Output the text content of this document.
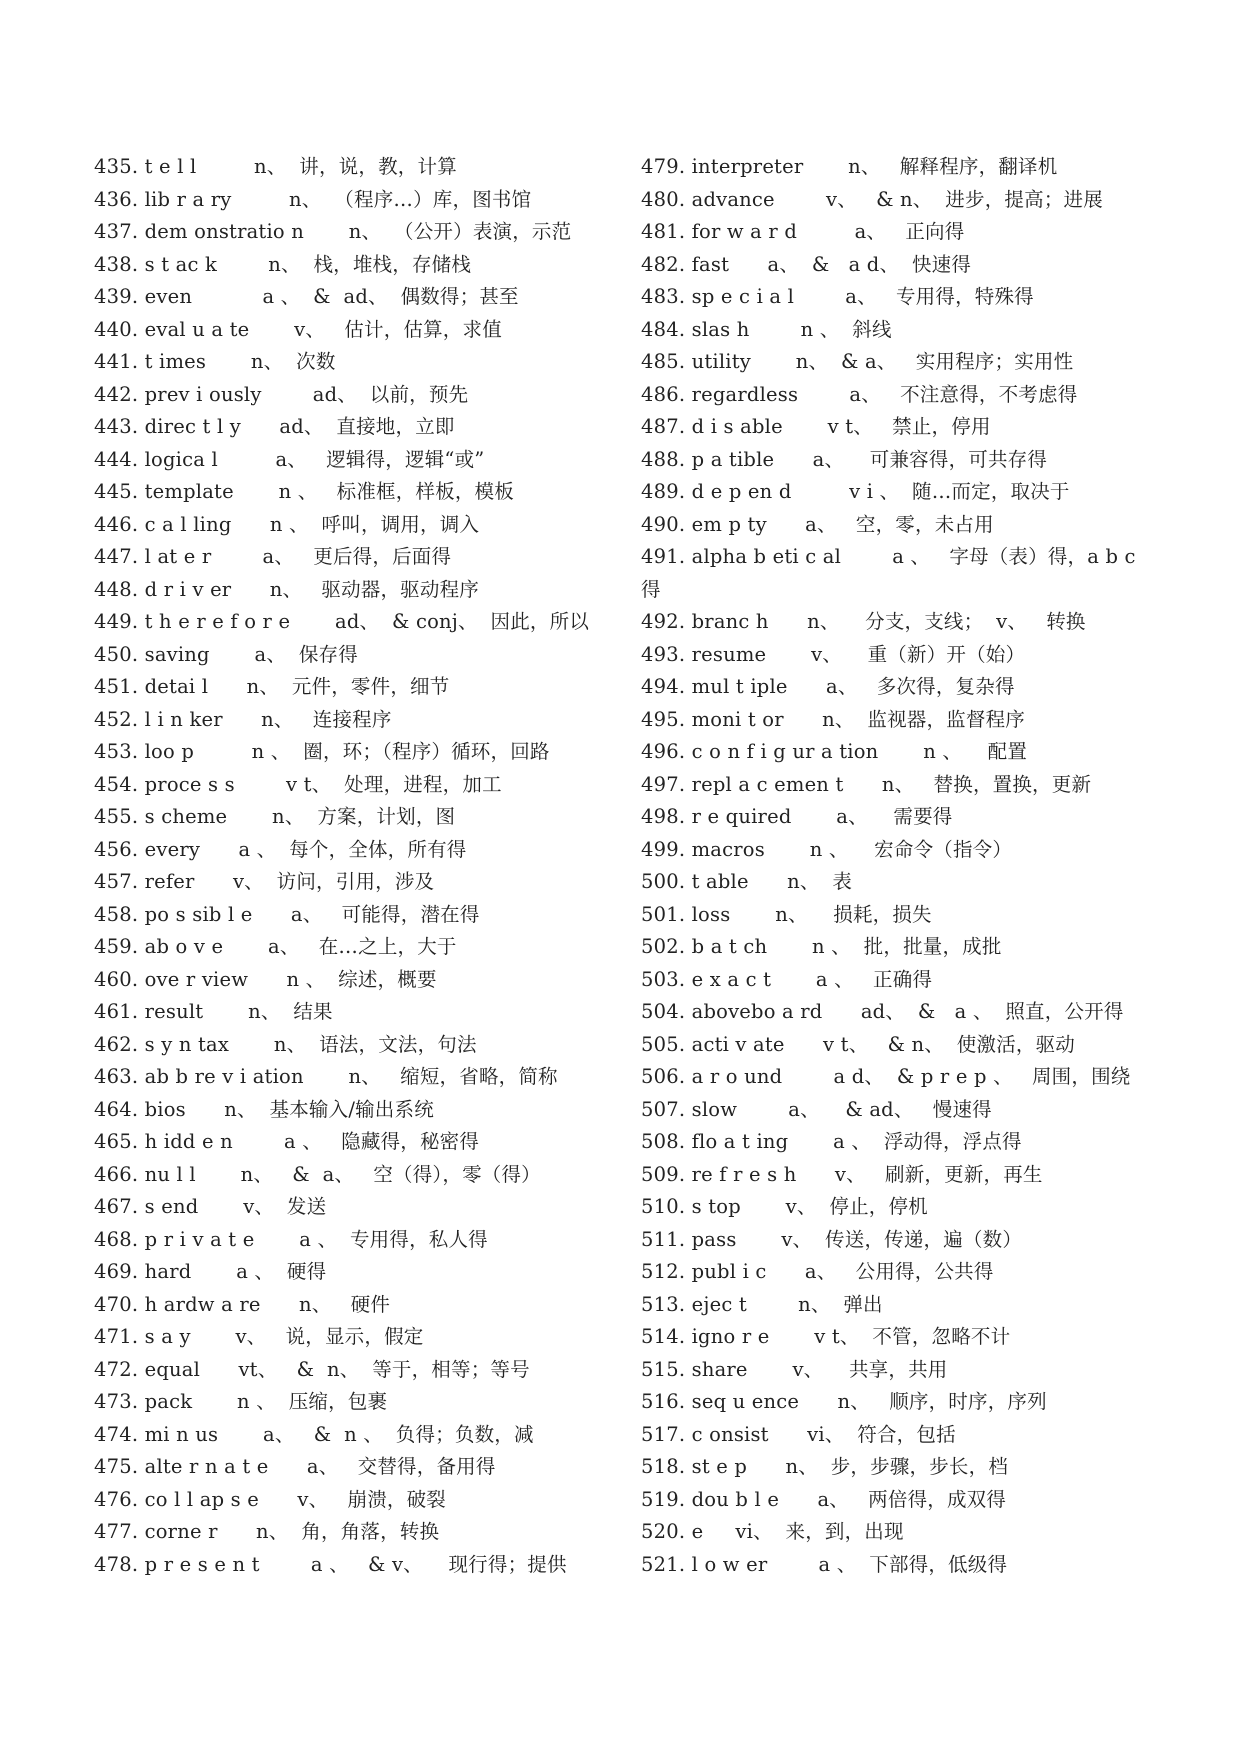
435. t e l l         n、  讲，说，教，计算
436. lib r a ry         n、  （程序…）库，图书馆
437. dem onstratio n       n、  （公开）表演，示范
438. s t ac k        n、  栈，堆栈，存储栈
439. even           a 、  &  ad、  偶数得；甚至
440. eval u a te       v、   估计，估算，求值
441. t imes       n、  次数
442. prev i ously        ad、  以前，预先
443. direc t l y      ad、  直接地，立即
444. logica l         a、   逻辑得，逻辑“或”
445. template       n 、   标准框，样板，模板
446. c a l ling      n 、  呼叫，调用，调入
447. l at e r        a、   更后得，后面得
448. d r i v er      n、   驱动器，驱动程序
449. t h e r e f o r e       ad、  & conj、  因此，所以
450. saving       a、  保存得
451. detai l      n、  元件，零件，细节
452. l i n ker      n、   连接程序
453. loo p         n 、  圈，环；（程序）循环，回路
454. proce s s        v t、  处理，进程，加工
455. s cheme       n、  方案，计划，图
456. every      a 、  每个，全体，所有得
457. refer      v、  访问，引用，涉及
458. po s sib l e      a、   可能得，潜在得
459. ab o v e       a、   在…之上，大于
460. ove r view      n 、  综述，概要
461. result       n、  结果
462. s y n tax       n、  语法，文法，句法
463. ab b re v i ation       n、   缩短，省略，简称
464. bios      n、  基本输入/输出系统
465. h idd e n        a 、   隐藏得，秘密得
466. nu l l       n、   &  a、   空（得），零（得）
467. s end       v、  发送
468. p r i v a t e       a 、  专用得，私人得
469. hard       a 、  硬得
470. h ardw a re      n、   硬件
471. s a y       v、   说，显示，假定
472. equal      vt、   &  n、  等于，相等；等号
473. pack       n 、  压缩，包裹
474. mi n us       a、   &  n 、  负得；负数，减
475. alte r n a t e      a、   交替得，备用得
476. co l l ap s e      v、   崩溃，破裂
477. corne r      n、  角，角落，转换
478. p r e s e n t        a 、   & v、    现行得；提供
479. interpreter       n、   解释程序，翻译机
480. advance        v、   & n、  进步，提高；进展
481. for w a r d         a、   正向得
482. fast      a、  &   a d、  快速得
483. sp e c i a l        a、   专用得，特殊得
484. slas h        n 、  斜线
485. utility       n、  & a、   实用程序；实用性
486. regardless        a、   不注意得，不考虑得
487. d i s able       v t、   禁止，停用
488. p a tible      a、    可兼容得，可共存得
489. d e p en d         v i 、  随…而定，取决于
490. em p ty      a、   空，零，未占用
491. alpha b eti c al        a 、   字母（表）得，a b c 得
492. branc h      n、    分支，支线；  v、   转换
493. resume       v、    重（新）开（始）
494. mul t iple      a、   多次得，复杂得
495. moni t or      n、  监视器，监督程序
496. c o n f i g ur a tion       n 、    配置
497. repl a c emen t      n、   替换，置换，更新
498. r e quired       a、    需要得
499. macros       n 、    宏命令（指令）
500. t able      n、  表
501. loss       n、    损耗，损失
502. b a t ch       n 、  批，批量，成批
503. e x a c t       a 、   正确得
504. abovebo a rd      ad、  &   a 、  照直，公开得
505. acti v ate      v t、   & n、  使激活，驱动
506. a r o und        a d、  & p r e p 、   周围，围绕
507. slow        a、    & ad、   慢速得
508. flo a t ing       a 、  浮动得，浮点得
509. re f r e s h      v、   刷新，更新，再生
510. s top       v、  停止，停机
511. pass       v、  传送，传递，遍（数）
512. publ i c      a、   公用得，公共得
513. ejec t        n、  弹出
514. igno r e       v t、  不管，忽略不计
515. share       v、    共享，共用
516. seq u ence      n、   顺序，时序，序列
517. c onsist      vi、  符合，包括
518. st e p      n、  步，步骤，步长，档
519. dou b l e      a、   两倍得，成双得
520. e     vi、  来，到，出现
521. l o w er        a 、  下部得，低级得
